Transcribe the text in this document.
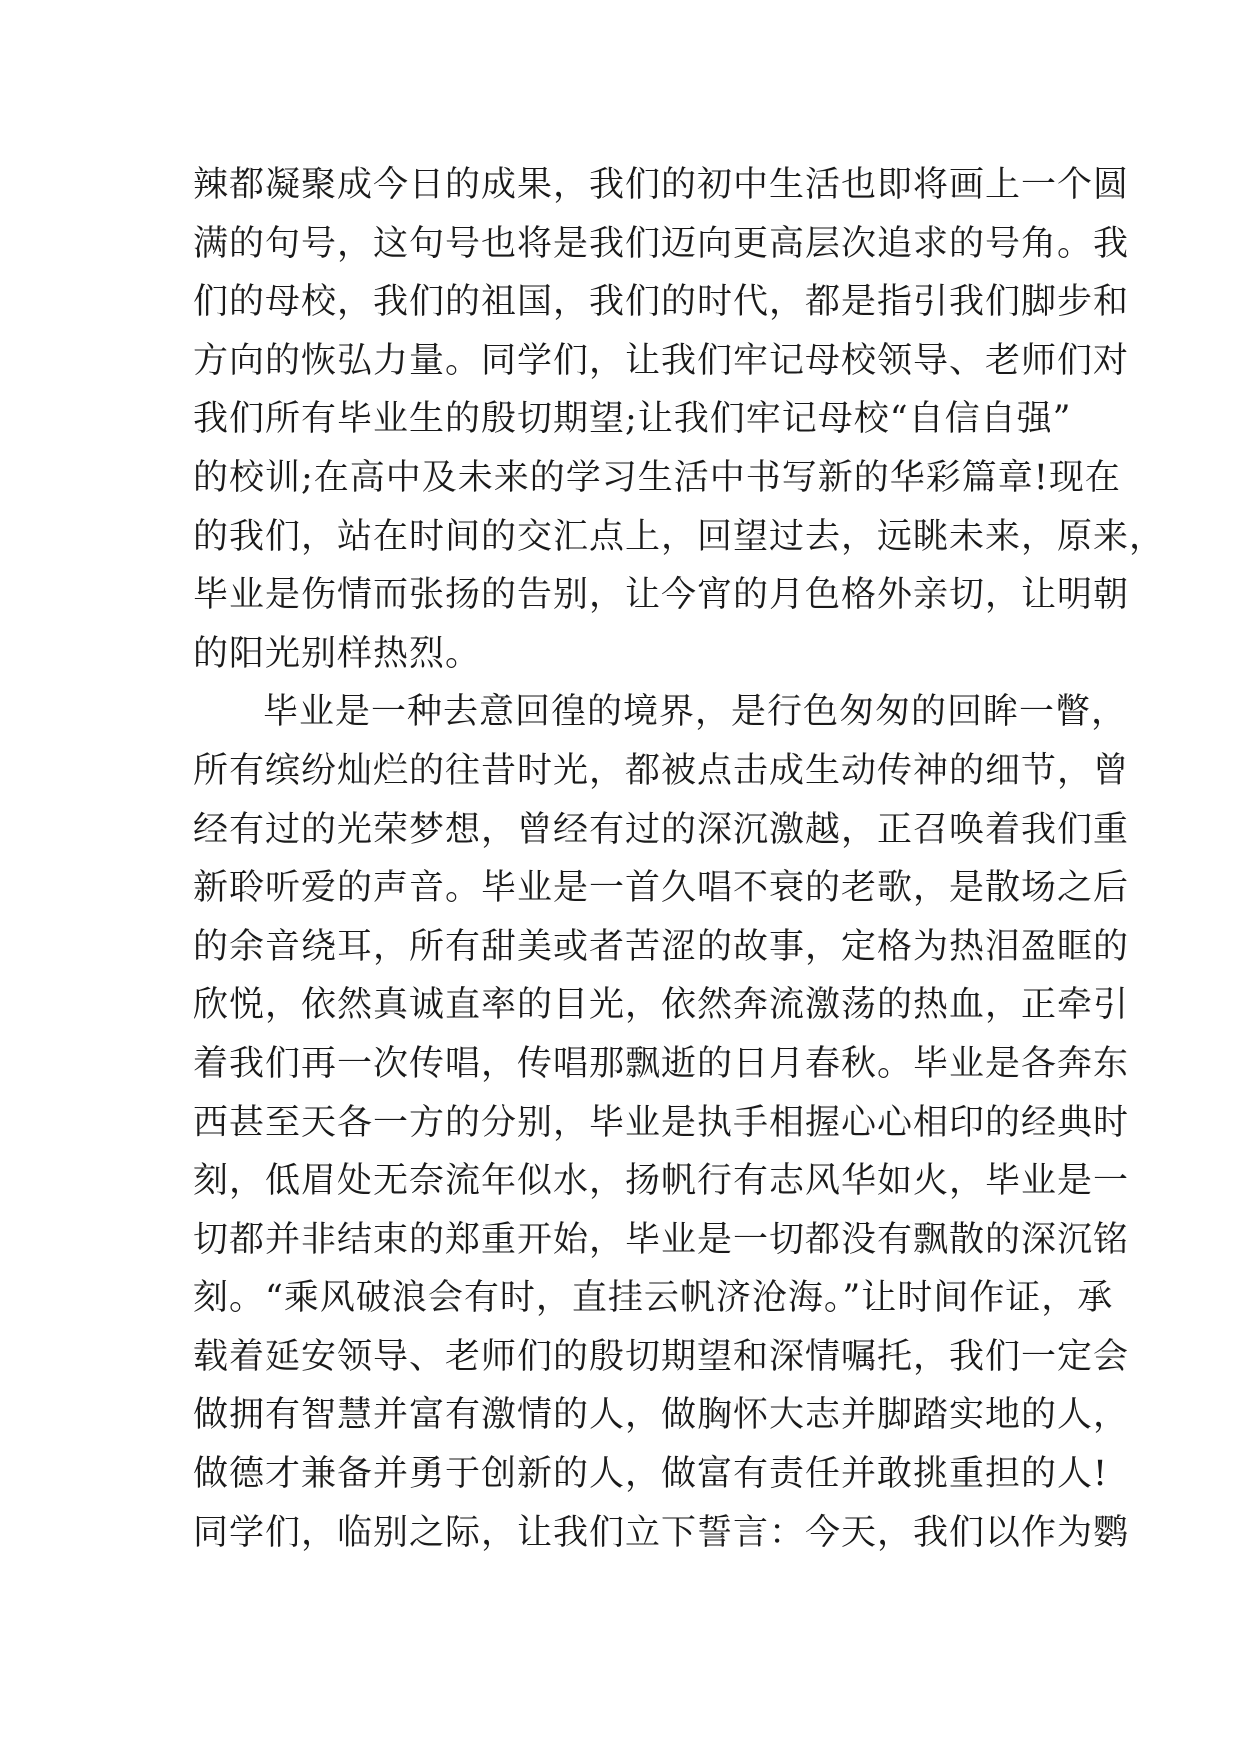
辣都凝聚成今日的成果，我们的初中生活也即将画上一个圆
满的句号，这句号也将是我们迈向更高层次追求的号角。我
们的母校，我们的祖国，我们的时代，都是指引我们脚步和
方向的恢弘力量。同学们，让我们牢记母校领导、老师们对
我们所有毕业生的殷切期望;让我们牢记母校“自信自强”
的校训;在高中及未来的学习生活中书写新的华彩篇章!现在
的我们，站在时间的交汇点上，回望过去，远眺未来，原来，
毕业是伤情而张扬的告别，让今宵的月色格外亲切，让明朝
的阳光别样热烈。
毕业是一种去意回徨的境界，是行色匆匆的回眸一瞥，
所有缤纷灿烂的往昔时光，都被点击成生动传神的细节，曾
经有过的光荣梦想，曾经有过的深沉激越，正召唤着我们重
新聆听爱的声音。毕业是一首久唱不衰的老歌，是散场之后
的余音绕耳，所有甜美或者苦涩的故事，定格为热泪盈眶的
欣悦，依然真诚直率的目光，依然奔流激荡的热血，正牵引
着我们再一次传唱，传唱那飘逝的日月春秋。毕业是各奔东
西甚至天各一方的分别，毕业是执手相握心心相印的经典时
刻，低眉处无奈流年似水，扬帆行有志风华如火，毕业是一
切都并非结束的郑重开始，毕业是一切都没有飘散的深沉铭
刻。“乘风破浪会有时，直挂云帆济沧海。”让时间作证，承
载着延安领导、老师们的殷切期望和深情嘱托，我们一定会
做拥有智慧并富有激情的人，做胸怀大志并脚踏实地的人，
做德才兼备并勇于创新的人，做富有责任并敢挑重担的人!
同学们，临别之际，让我们立下誓言：今天，我们以作为鹦
